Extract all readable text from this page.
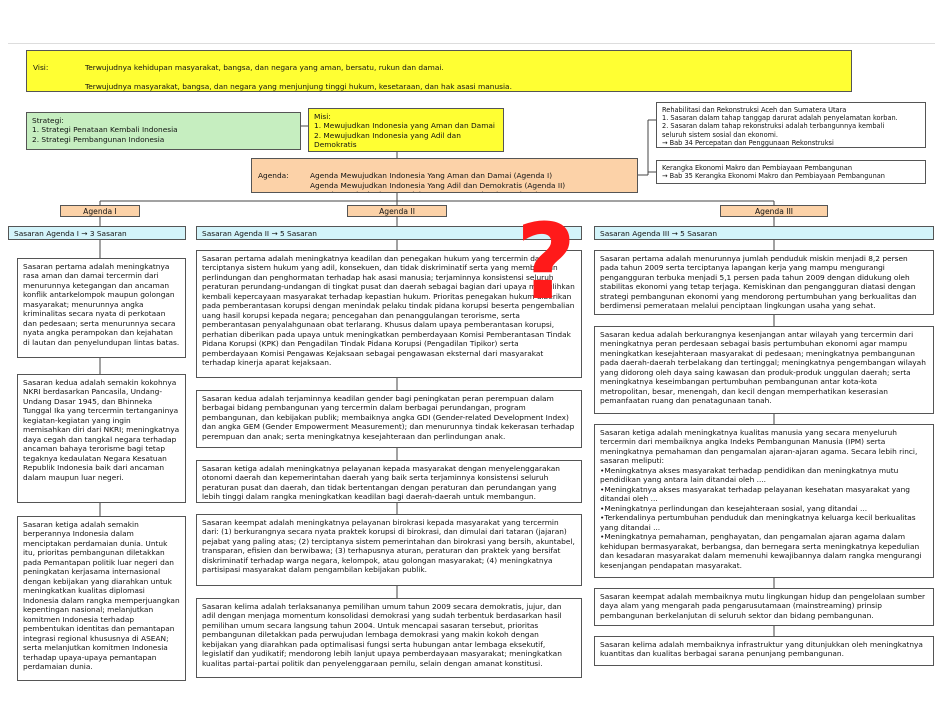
Visi:	Terwujudnya kehidupan masyarakat, bangsa, dan negara yang aman, bersatu, rukun dan damai.

Terwujudnya masyarakat, bangsa, dan negara yang menjunjung tinggi hukum, kesetaraan, dan hak asasi manusia.

Strategi:
1. Strategi Penataan Kembali Indonesia
2. Strategi Pembangunan Indonesia
Misi:
1. Mewujudkan Indonesia yang Aman dan Damai
2. Mewujudkan Indonesia yang Adil dan Demokratis

Agenda:	Agenda Mewujudkan Indonesia Yang Aman dan Damai (Agenda I)
Agenda Mewujudkan Indonesia Yang Adil dan Demokratis (Agenda II)

Rehabilitasi dan Rekonstruksi Aceh dan Sumatera Utara
1. Sasaran dalam tahap tanggap darurat adalah penyelamatan korban.
2. Sasaran dalam tahap rekonstruksi adalah terbangunnya kembali
seluruh sistem sosial dan ekonomi.
→ Bab 34 Percepatan dan Penggunaan Rekonstruksi
Kerangka Ekonomi Makro dan Pembiayaan Pembangunan
→ Bab 35 Kerangka Ekonomi Makro dan Pembiayaan Pembangunan
Agenda I	Agenda II	Agenda III
Sasaran Agenda I → 3 Sasaran	Sasaran Agenda II → 5 Sasaran	Sasaran Agenda III → 5 Sasaran
Sasaran pertama adalah meningkatnya rasa aman dan damai tercermin dari menurunnya ketegangan dan ancaman konflik antarkelompok maupun golongan masyarakat; menurunnya angka kriminalitas secara nyata di perkotaan dan pedesaan; serta menurunnya secara nyata angka perampokan dan kejahatan di lautan dan penyelundupan lintas batas.
Sasaran kedua adalah semakin kokohnya NKRI berdasarkan Pancasila, Undang-Undang Dasar 1945, dan Bhinneka Tunggal Ika yang tercermin tertanganinya kegiatan-kegiatan yang ingin memisahkan diri dari NKRI; meningkatnya daya cegah dan tangkal negara terhadap ancaman bahaya terorisme bagi tetap tegaknya kedaulatan Negara Kesatuan Republik Indonesia baik dari ancaman dalam maupun luar negeri.
Sasaran ketiga adalah semakin berperannya Indonesia dalam menciptakan perdamaian dunia. Untuk itu, prioritas pembangunan diletakkan pada Pemantapan politik luar negeri dan peningkatan kerjasama internasional dengan kebijakan yang diarahkan untuk meningkatkan kualitas diplomasi Indonesia dalam rangka memperjuangkan kepentingan nasional; melanjutkan komitmen Indonesia terhadap pembentukan identitas dan pemantapan integrasi regional khususnya di ASEAN; serta melanjutkan komitmen Indonesia terhadap upaya-upaya pemantapan perdamaian dunia.
Sasaran pertama adalah meningkatnya keadilan dan penegakan hukum yang tercermin dari terciptanya sistem hukum yang adil, konsekuen, dan tidak diskriminatif serta yang memberikan perlindungan dan penghormatan terhadap hak asasi manusia; terjaminnya konsistensi seluruh peraturan perundang-undangan di tingkat pusat dan daerah sebagai bagian dari upaya memulihkan kembali kepercayaan masyarakat terhadap kepastian hukum. Prioritas penegakan hukum diberikan pada pemberantasan korupsi dengan menindak pelaku tindak pidana korupsi beserta pengembalian uang hasil korupsi kepada negara; pencegahan dan penanggulangan terorisme, serta pemberantasan penyalahgunaan obat terlarang. Khusus dalam upaya pemberantasan korupsi, perhatian diberikan pada upaya untuk meningkatkan pemberdayaan Komisi Pemberantasan Tindak Pidana Korupsi (KPK) dan Pengadilan Tindak Pidana Korupsi (Pengadilan Tipikor) serta pemberdayaan Komisi Pengawas Kejaksaan sebagai pengawasan eksternal dari masyarakat terhadap kinerja aparat kejaksaan.
Sasaran kedua adalah terjaminnya keadilan gender bagi peningkatan peran perempuan dalam berbagai bidang pembangunan yang tercermin dalam berbagai perundangan, program pembangunan, dan kebijakan publik; membaiknya angka GDI (Gender-related Development Index) dan angka GEM (Gender Empowerment Measurement); dan menurunnya tindak kekerasan terhadap perempuan dan anak; serta meningkatnya kesejahteraan dan perlindungan anak.
Sasaran ketiga adalah meningkatnya pelayanan kepada masyarakat dengan menyelenggarakan otonomi daerah dan kepemerintahan daerah yang baik serta terjaminnya konsistensi seluruh peraturan pusat dan daerah, dan tidak bertentangan dengan peraturan dan perundangan yang lebih tinggi dalam rangka meningkatkan keadilan bagi daerah-daerah untuk membangun.
Sasaran keempat adalah meningkatnya pelayanan birokrasi kepada masyarakat yang tercermin dari: (1) berkurangnya secara nyata praktek korupsi di birokrasi, dan dimulai dari tataran (jajaran) pejabat yang paling atas; (2) terciptanya sistem pemerintahan dan birokrasi yang bersih, akuntabel, transparan, efisien dan berwibawa; (3) terhapusnya aturan, peraturan dan praktek yang bersifat diskriminatif terhadap warga negara, kelompok, atau golongan masyarakat; (4) meningkatnya partisipasi masyarakat dalam pengambilan kebijakan publik.
Sasaran kelima adalah terlaksananya pemilihan umum tahun 2009 secara demokratis, jujur, dan adil dengan menjaga momentum konsolidasi demokrasi yang sudah terbentuk berdasarkan hasil pemilihan umum secara langsung tahun 2004. Untuk mencapai sasaran tersebut, prioritas pembangunan diletakkan pada perwujudan lembaga demokrasi yang makin kokoh dengan kebijakan yang diarahkan pada optimalisasi fungsi serta hubungan antar lembaga eksekutif, legislatif dan yudikatif; mendorong lebih lanjut upaya pemberdayaan masyarakat; meningkatkan kualitas partai-partai politik dan penyelenggaraan pemilu, selain dengan amanat konstitusi.
Sasaran pertama adalah menurunnya jumlah penduduk miskin menjadi 8,2 persen pada tahun 2009 serta terciptanya lapangan kerja yang mampu mengurangi pengangguran terbuka menjadi 5,1 persen pada tahun 2009 dengan didukung oleh stabilitas ekonomi yang tetap terjaga. Kemiskinan dan pengangguran diatasi dengan strategi pembangunan ekonomi yang mendorong pertumbuhan yang berkualitas dan berdimensi pemerataan melalui penciptaan lingkungan usaha yang sehat.
Sasaran kedua adalah berkurangnya kesenjangan antar wilayah yang tercermin dari meningkatnya peran perdesaan sebagai basis pertumbuhan ekonomi agar mampu meningkatkan kesejahteraan masyarakat di pedesaan; meningkatnya pembangunan pada daerah-daerah terbelakang dan tertinggal; meningkatnya pengembangan wilayah yang didorong oleh daya saing kawasan dan produk-produk unggulan daerah; serta meningkatnya keseimbangan pertumbuhan pembangunan antar kota-kota metropolitan, besar, menengah, dan kecil dengan memperhatikan keserasian pemanfaatan ruang dan penatagunaan tanah.
Sasaran ketiga adalah meningkatnya kualitas manusia yang secara menyeluruh tercermin dari membaiknya angka Indeks Pembangunan Manusia (IPM) serta meningkatnya pemahaman dan pengamalan ajaran-ajaran agama. Secara lebih rinci, sasaran meliputi:
•Meningkatnya akses masyarakat terhadap pendidikan dan meningkatnya mutu pendidikan yang antara lain ditandai oleh ....
•Meningkatnya akses masyarakat terhadap pelayanan kesehatan masyarakat yang ditandai oleh ...
•Meningkatnya perlindungan dan kesejahteraan sosial, yang ditandai ...
•Terkendalinya pertumbuhan penduduk dan meningkatnya keluarga kecil berkualitas yang ditandai ...
•Meningkatnya pemahaman, penghayatan, dan pengamalan ajaran agama dalam kehidupan bermasyarakat, berbangsa, dan bernegara serta meningkatnya kepedulian dan kesadaran masyarakat dalam memenuhi kewajibannya dalam rangka mengurangi kesenjangan pendapatan masyarakat.
Sasaran keempat adalah membaiknya mutu lingkungan hidup dan pengelolaan sumber daya alam yang mengarah pada pengarusutamaan (mainstreaming) prinsip pembangunan berkelanjutan di seluruh sektor dan bidang pembangunan.
Sasaran kelima adalah membaiknya infrastruktur yang ditunjukkan oleh meningkatnya kuantitas dan kualitas berbagai sarana penunjang pembangunan.
?
